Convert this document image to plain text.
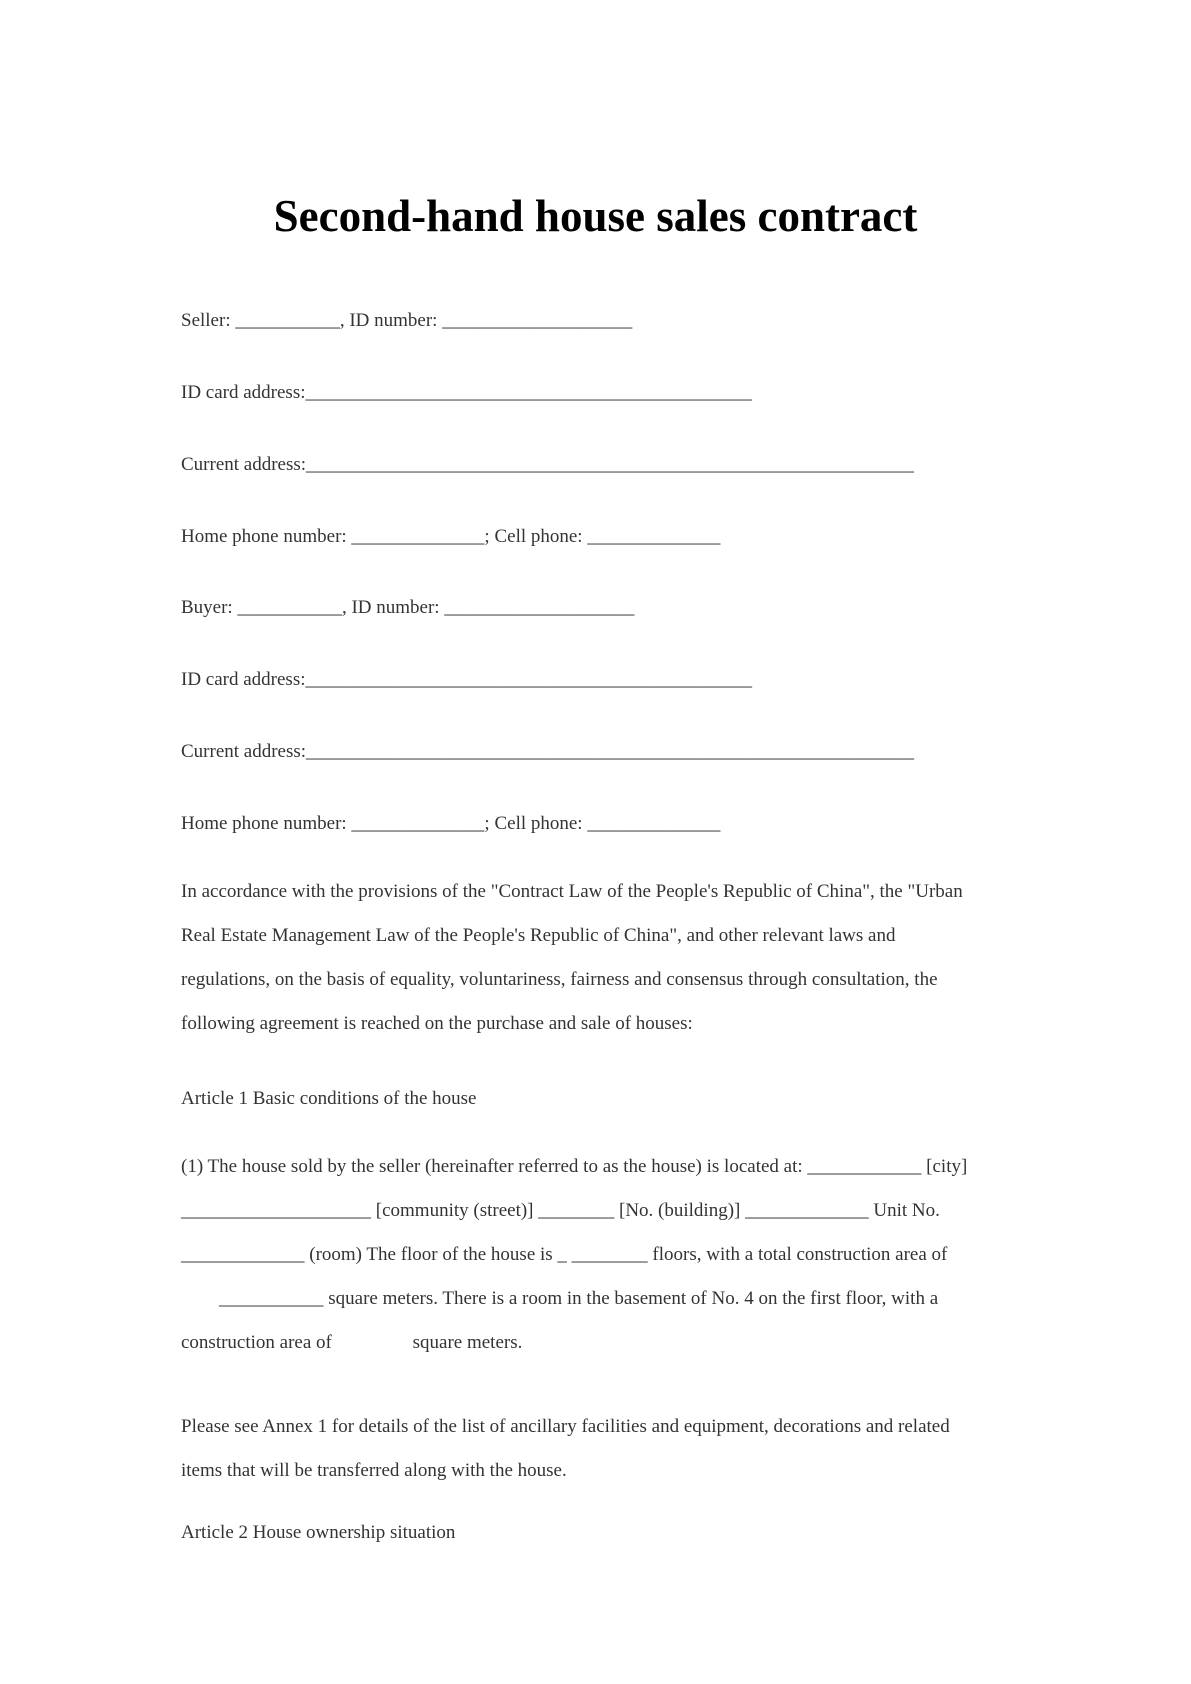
Second-hand house sales contract

Seller: ___________, ID number: ____________________

ID card address:_______________________________________________

Current address:________________________________________________________________

Home phone number: ______________; Cell phone: ______________

Buyer: ___________, ID number: ____________________

ID card address:_______________________________________________

Current address:________________________________________________________________

Home phone number: ______________; Cell phone: ______________

In accordance with the provisions of the "Contract Law of the People's Republic of China", the "Urban
Real Estate Management Law of the People's Republic of China", and other relevant laws and
regulations, on the basis of equality, voluntariness, fairness and consensus through consultation, the
following agreement is reached on the purchase and sale of houses:

Article 1 Basic conditions of the house

(1) The house sold by the seller (hereinafter referred to as the house) is located at: ____________ [city]
____________________ [community (street)] ________ [No. (building)] _____________ Unit No.
_____________ (room) The floor of the house is _ ________ floors, with a total construction area of
___________ square meters. There is a room in the basement of No. 4 on the first floor, with a
construction area of                 square meters.
Please see Annex 1 for details of the list of ancillary facilities and equipment, decorations and related
items that will be transferred along with the house.

Article 2 House ownership situation
